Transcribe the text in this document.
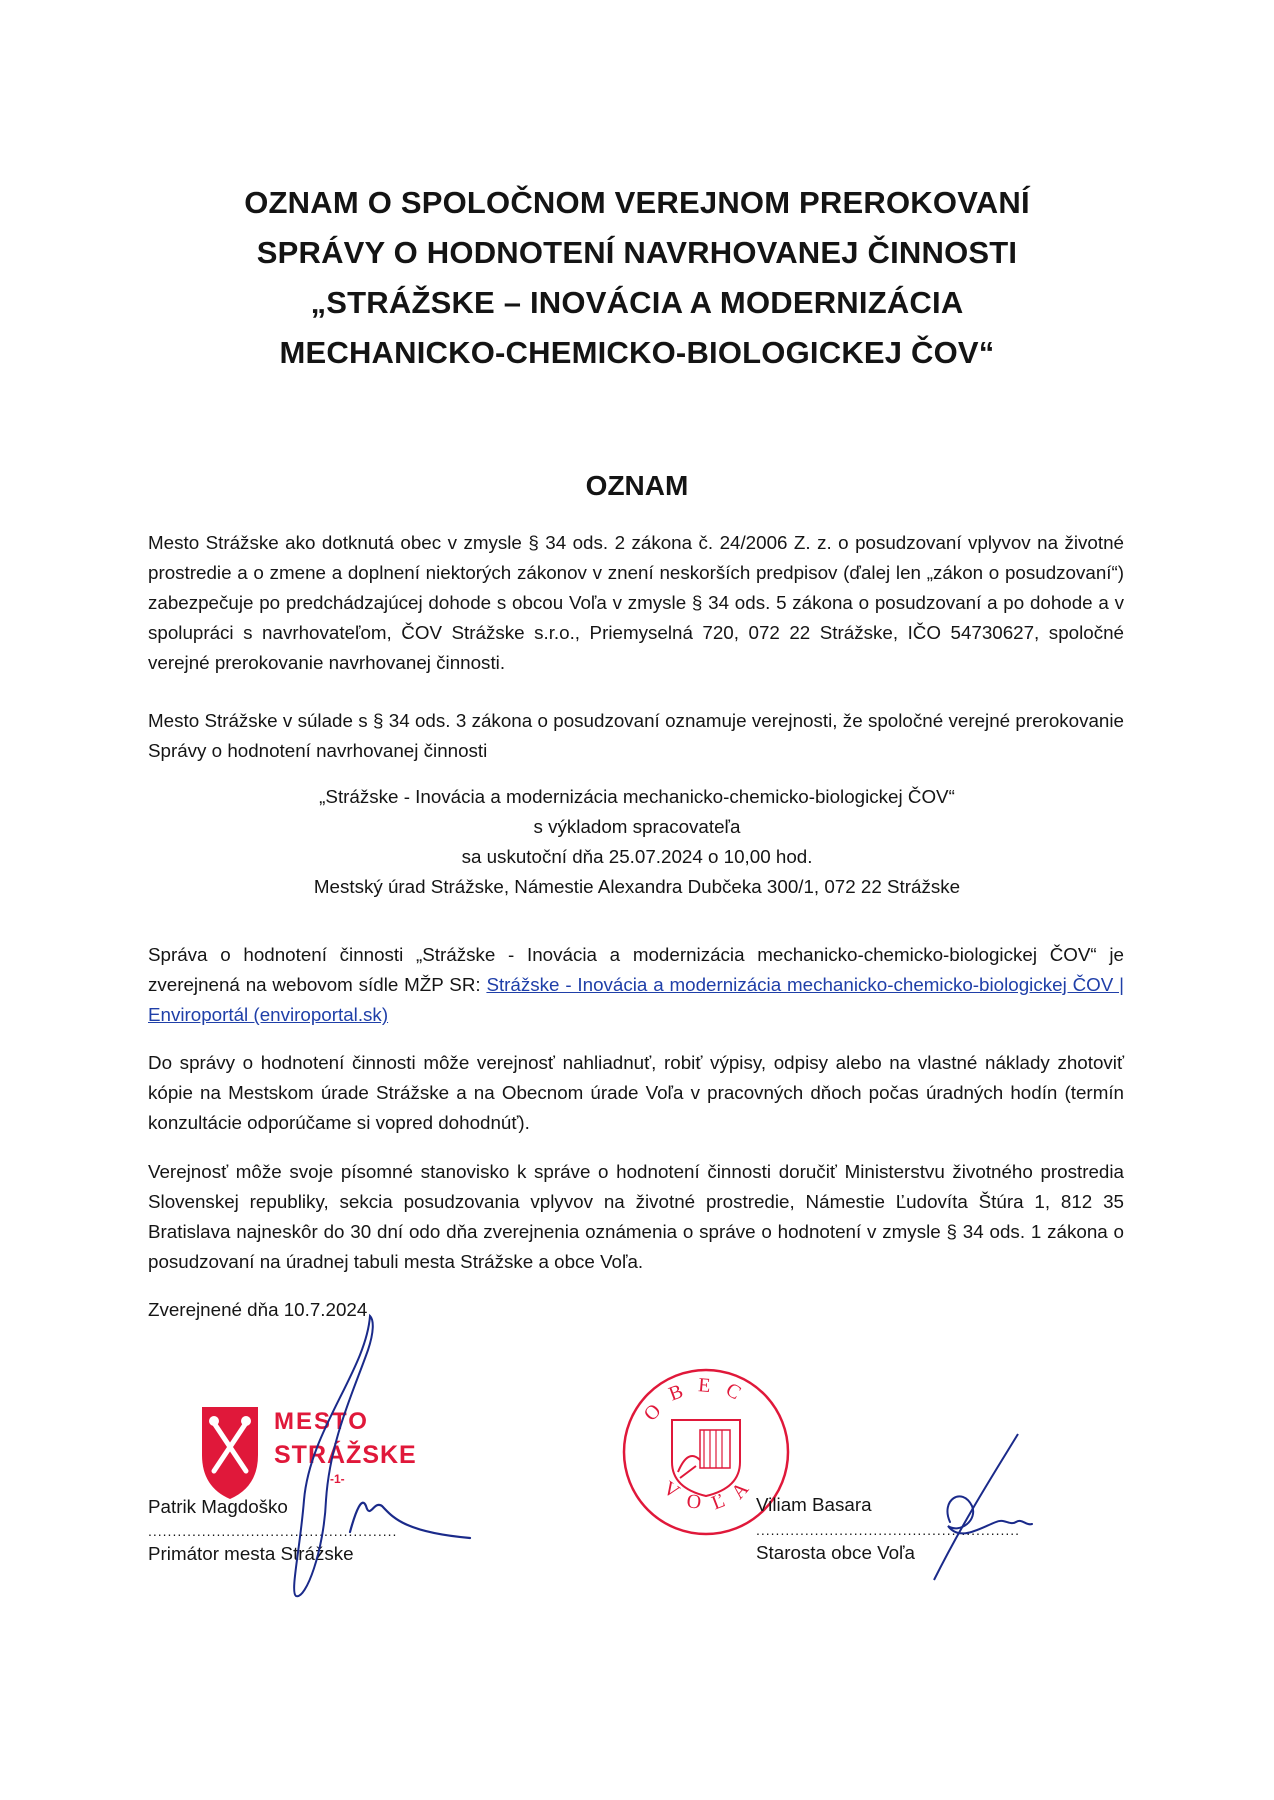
OZNAM O SPOLOČNOM VEREJNOM PREROKOVANÍ
SPRÁVY O HODNOTENÍ NAVRHOVANEJ ČINNOSTI
„STRÁŽSKE – INOVÁCIA A MODERNIZÁCIA
MECHANICKO-CHEMICKO-BIOLOGICKEJ ČOV“
OZNAM
Mesto Strážske ako dotknutá obec v zmysle § 34 ods. 2 zákona č. 24/2006 Z. z. o posudzovaní vplyvov na životné prostredie a o zmene a doplnení niektorých zákonov v znení neskorších predpisov (ďalej len „zákon o posudzovaní“) zabezpečuje po predchádzajúcej dohode s obcou Voľa v zmysle § 34 ods. 5 zákona o posudzovaní a po dohode a v spolupráci s navrhovateľom, ČOV Strážske s.r.o., Priemyselná 720, 072 22 Strážske, IČO 54730627, spoločné verejné prerokovanie navrhovanej činnosti.
Mesto Strážske v súlade s § 34 ods. 3 zákona o posudzovaní oznamuje verejnosti, že spoločné verejné prerokovanie Správy o hodnotení navrhovanej činnosti
„Strážske - Inovácia a modernizácia mechanicko-chemicko-biologickej ČOV“
s výkladom spracovateľa
sa uskutoční dňa 25.07.2024 o 10,00 hod.
Mestský úrad Strážske, Námestie Alexandra Dubčeka 300/1, 072 22 Strážske
Správa o hodnotení činnosti „Strážske - Inovácia a modernizácia mechanicko-chemicko-biologickej ČOV“ je zverejnená na webovom sídle MŽP SR: Strážske - Inovácia a modernizácia mechanicko-chemicko-biologickej ČOV | Enviroportál (enviroportal.sk)
Do správy o hodnotení činnosti môže verejnosť nahliadnuť, robiť výpisy, odpisy alebo na vlastné náklady zhotoviť kópie na Mestskom úrade Strážske a na Obecnom úrade Voľa v pracovných dňoch počas úradných hodín (termín konzultácie odporúčame si vopred dohodnúť).
Verejnosť môže svoje písomné stanovisko k správe o hodnotení činnosti doručiť Ministerstvu životného prostredia Slovenskej republiky, sekcia posudzovania vplyvov na životné prostredie, Námestie Ľudovíta Štúra 1, 812 35 Bratislava najneskôr do 30 dní odo dňa zverejnenia oznámenia o správe o hodnotení v zmysle § 34 ods. 1 zákona o posudzovaní na úradnej tabuli mesta Strážske a obce Voľa.
Zverejnené dňa 10.7.2024
MESTO
STRÁŽSKE
-1-
OBEC
VOĽA
Patrik Magdoško
...................................................
Primátor mesta Strážske
Viliam Basara
......................................................
Starosta obce Voľa
